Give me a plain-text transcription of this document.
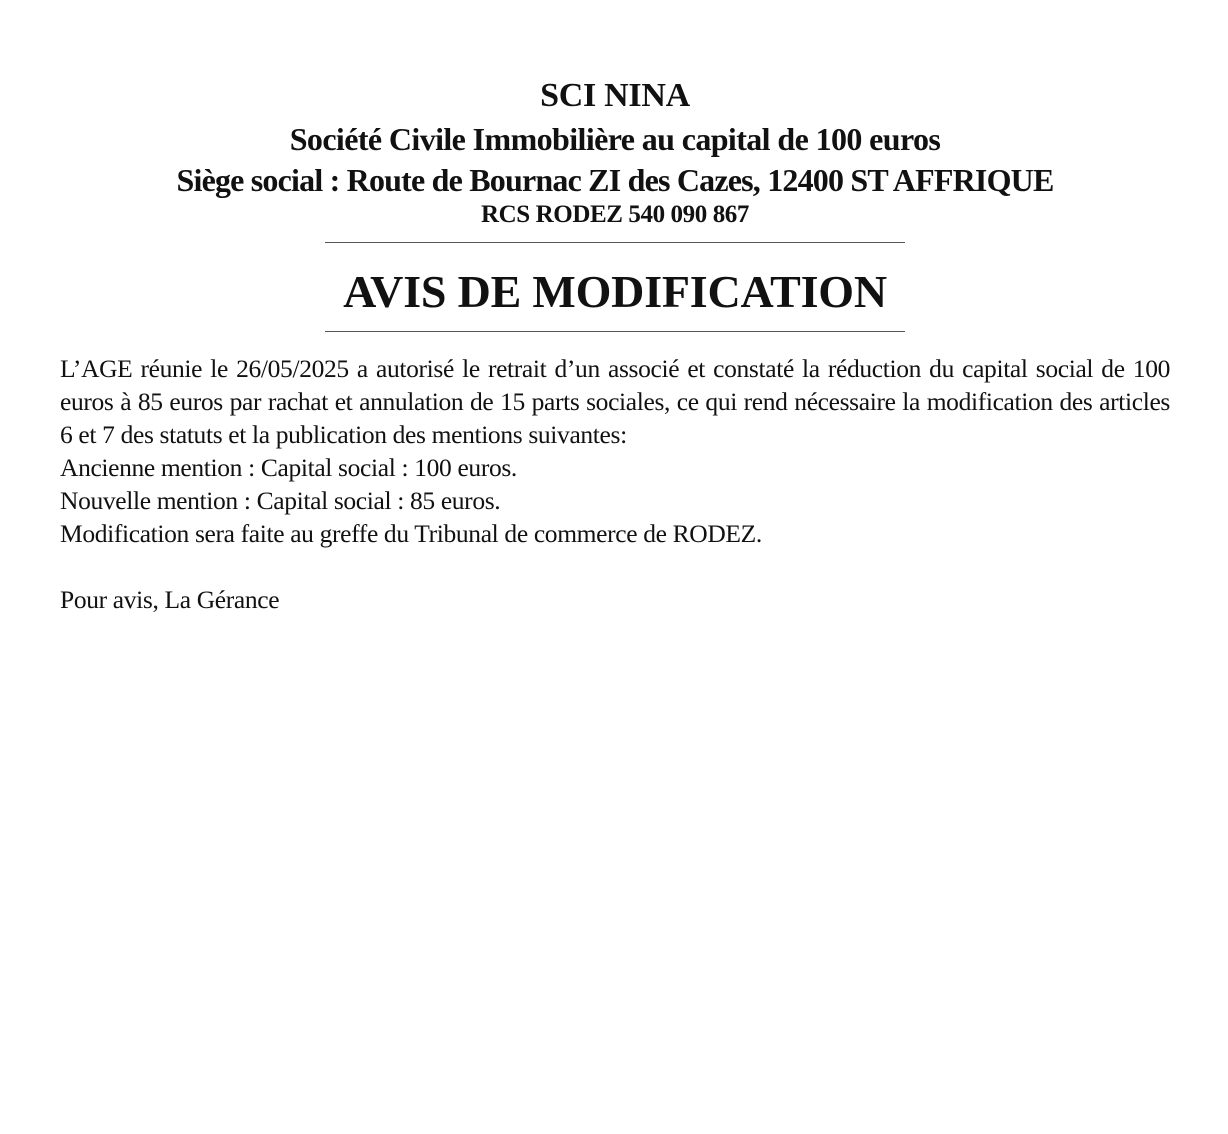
SCI NINA
Société Civile Immobilière au capital de 100 euros
Siège social : Route de Bournac ZI des Cazes, 12400 ST AFFRIQUE
RCS RODEZ 540 090 867
AVIS DE MODIFICATION
L’AGE réunie le 26/05/2025 a autorisé le retrait d’un associé et constaté la réduction du capital social de 100 euros à 85 euros par rachat et annulation de 15 parts sociales, ce qui rend nécessaire la modification des articles 6 et 7 des statuts et la publication des mentions suivantes:
Ancienne mention : Capital social : 100 euros.
Nouvelle mention : Capital social : 85 euros.
Modification sera faite au greffe du Tribunal de commerce de RODEZ.
Pour avis, La Gérance
